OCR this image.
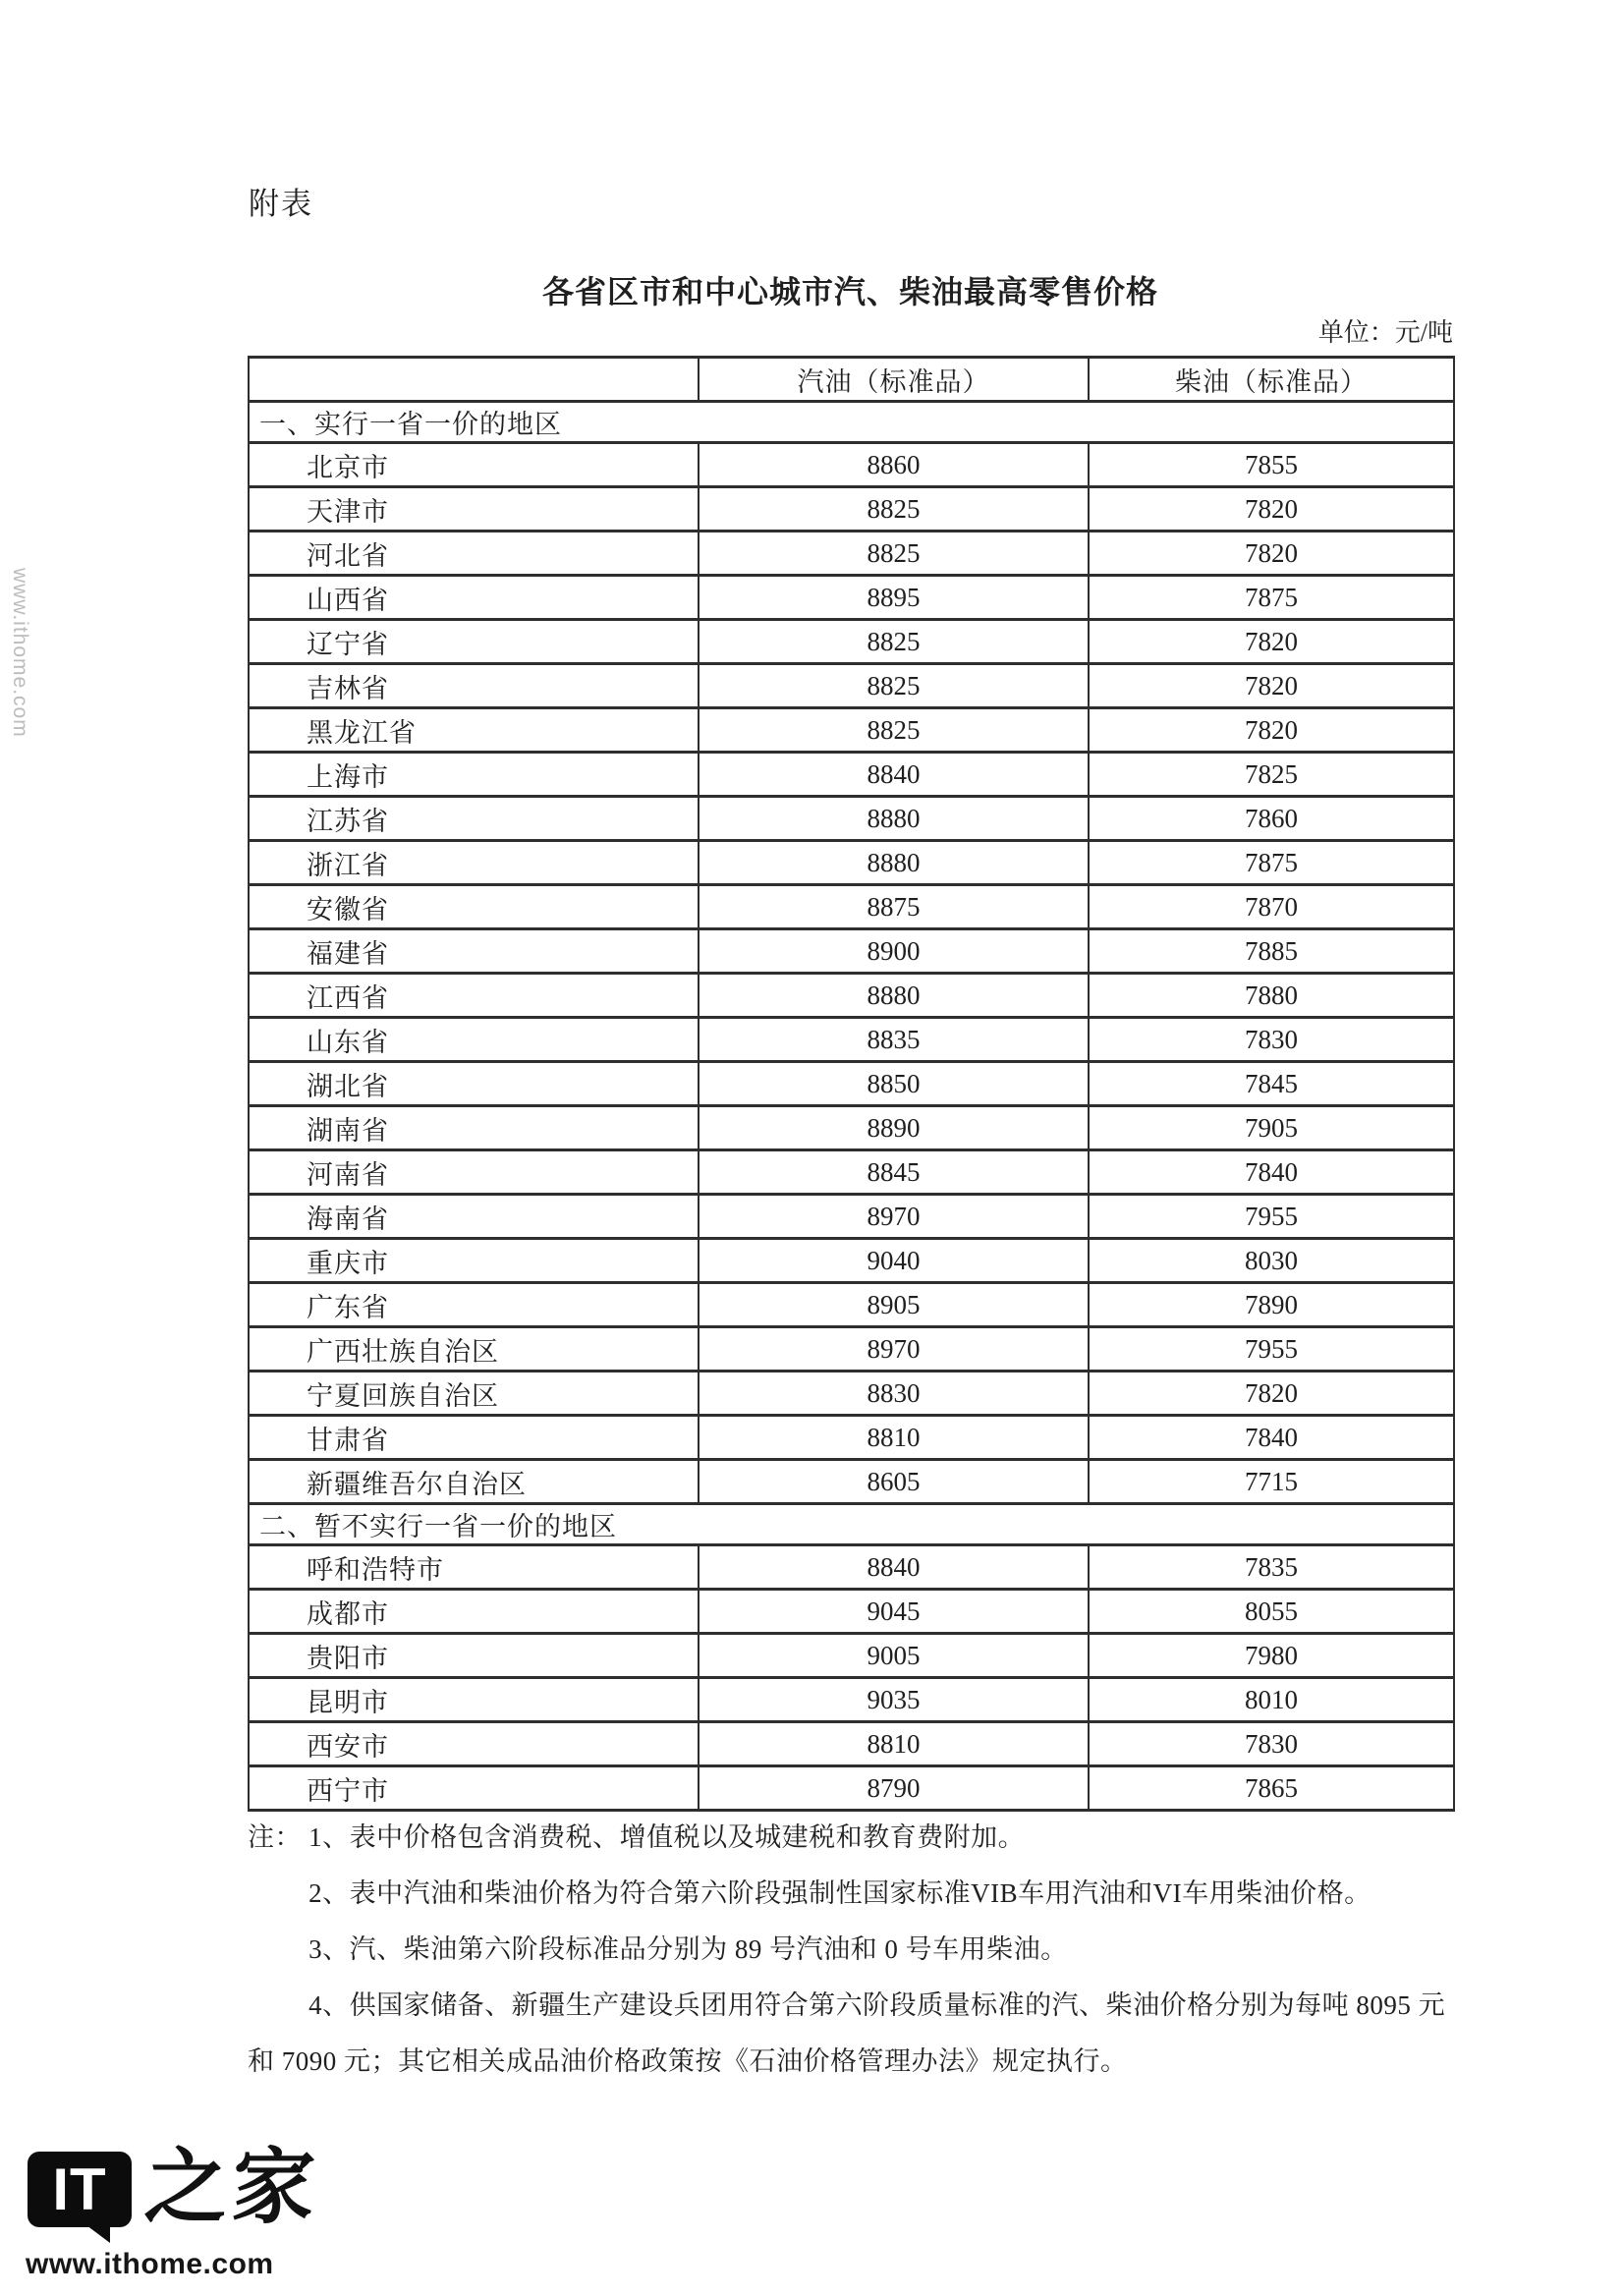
www.ithome.com
附表
各省区市和中心城市汽、柴油最高零售价格
单位：元/吨
	汽油（标准品）	柴油（标准品）
一、实行一省一价的地区		
北京市	8860	7855
天津市	8825	7820
河北省	8825	7820
山西省	8895	7875
辽宁省	8825	7820
吉林省	8825	7820
黑龙江省	8825	7820
上海市	8840	7825
江苏省	8880	7860
浙江省	8880	7875
安徽省	8875	7870
福建省	8900	7885
江西省	8880	7880
山东省	8835	7830
湖北省	8850	7845
湖南省	8890	7905
河南省	8845	7840
海南省	8970	7955
重庆市	9040	8030
广东省	8905	7890
广西壮族自治区	8970	7955
宁夏回族自治区	8830	7820
甘肃省	8810	7840
新疆维吾尔自治区	8605	7715
二、暂不实行一省一价的地区		
呼和浩特市	8840	7835
成都市	9045	8055
贵阳市	9005	7980
昆明市	9035	8010
西安市	8810	7830
西宁市	8790	7865
注： 1、表中价格包含消费税、增值税以及城建税和教育费附加。
2、表中汽油和柴油价格为符合第六阶段强制性国家标准VIB车用汽油和VI车用柴油价格。
3、汽、柴油第六阶段标准品分别为 89 号汽油和 0 号车用柴油。
4、供国家储备、新疆生产建设兵团用符合第六阶段质量标准的汽、柴油价格分别为每吨 8095 元和 7090 元；其它相关成品油价格政策按《石油价格管理办法》规定执行。
IT 之家
www.ithome.com
